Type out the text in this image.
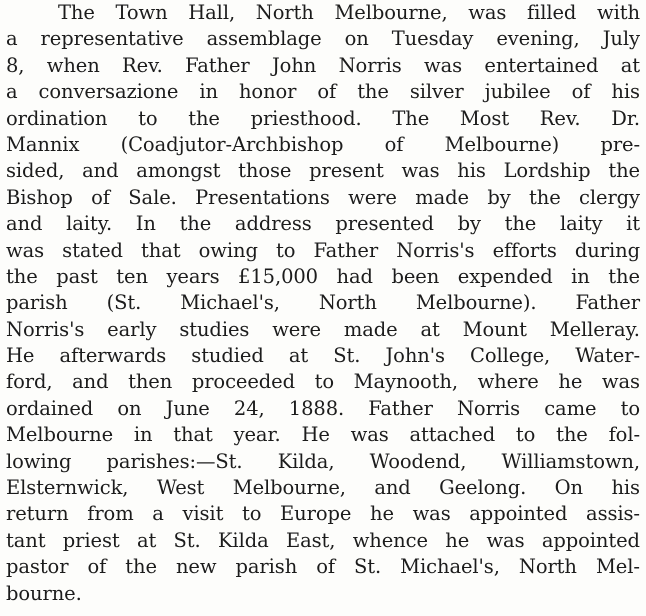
The Town Hall, North Melbourne, was filled with
a representative assemblage on Tuesday evening, July
8, when Rev. Father John Norris was entertained at
a conversazione in honor of the silver jubilee of his
ordination to the priesthood. The Most Rev. Dr.
Mannix (Coadjutor-Archbishop of Melbourne) pre-
sided, and amongst those present was his Lordship the
Bishop of Sale. Presentations were made by the clergy
and laity. In the address presented by the laity it
was stated that owing to Father Norris's efforts during
the past ten years £15,000 had been expended in the
parish (St. Michael's, North Melbourne). Father
Norris's early studies were made at Mount Melleray.
He afterwards studied at St. John's College, Water-
ford, and then proceeded to Maynooth, where he was
ordained on June 24, 1888. Father Norris came to
Melbourne in that year. He was attached to the fol-
lowing parishes:—St. Kilda, Woodend, Williamstown,
Elsternwick, West Melbourne, and Geelong. On his
return from a visit to Europe he was appointed assis-
tant priest at St. Kilda East, whence he was appointed
pastor of the new parish of St. Michael's, North Mel-
bourne.
